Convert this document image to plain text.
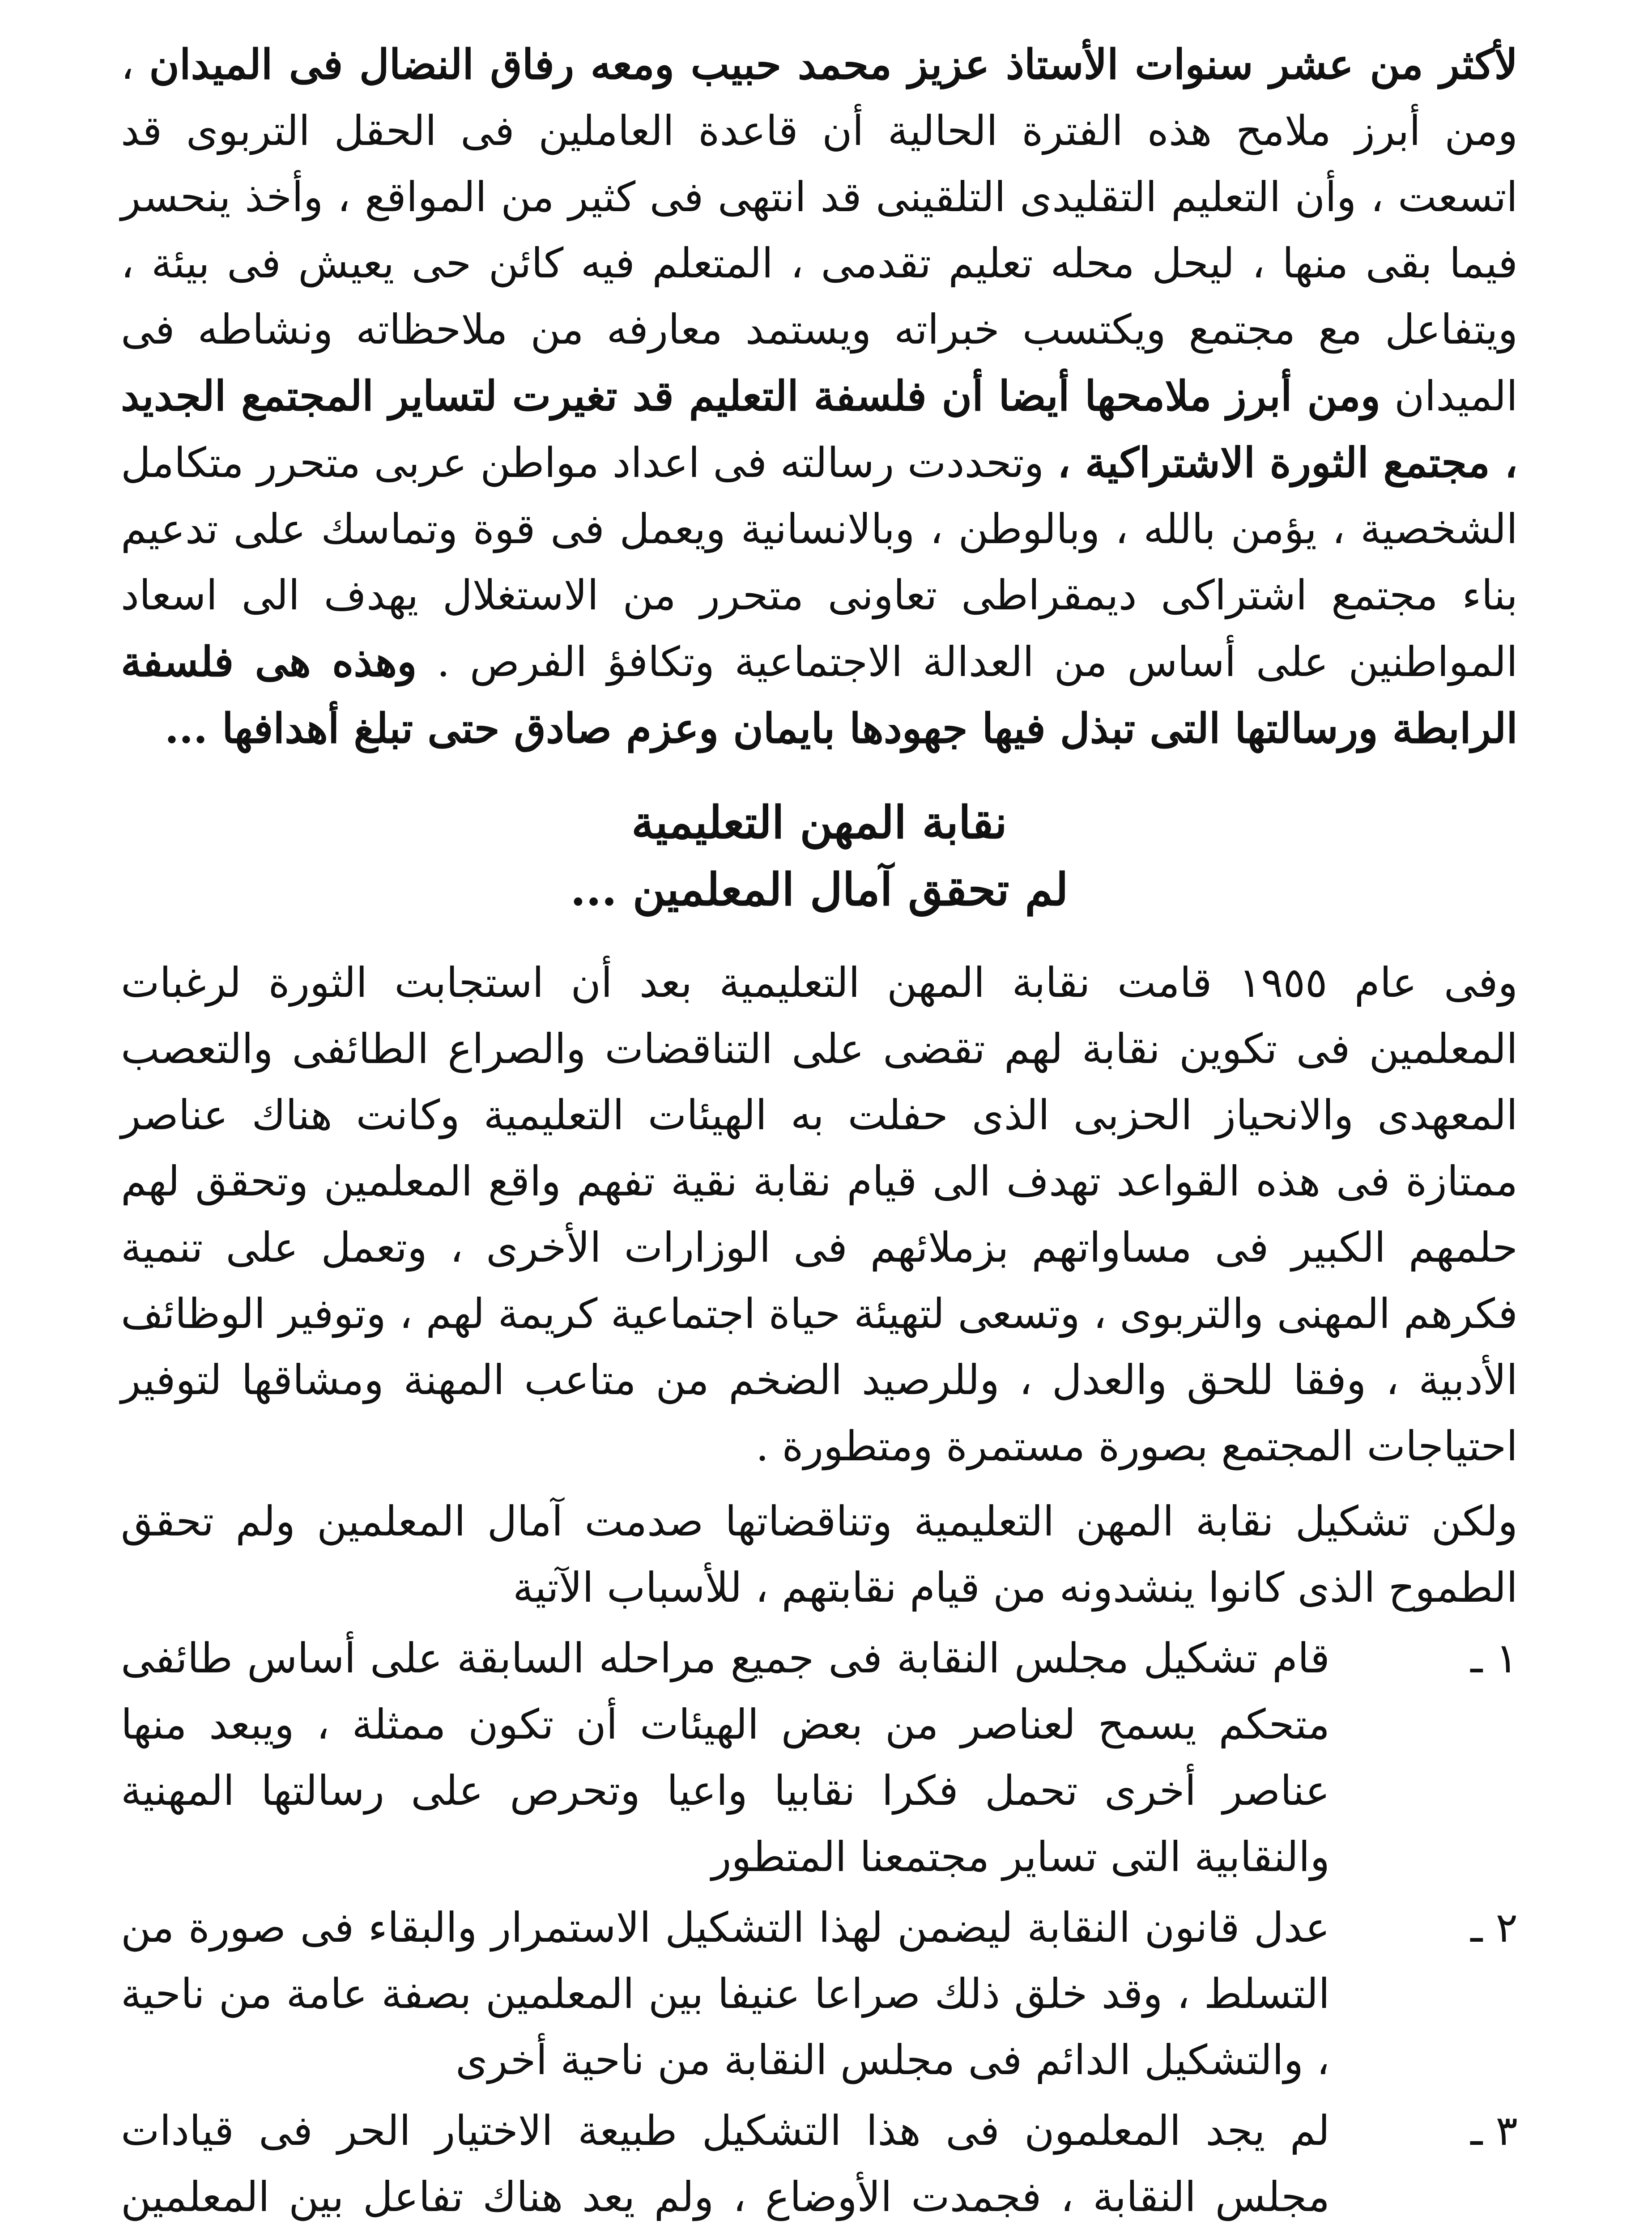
لأكثر من عشر سنوات الأستاذ عزيز محمد حبيب ومعه رفاق النضال فى الميدان ، ومن أبرز ملامح هذه الفترة الحالية أن قاعدة العاملين فى الحقل التربوى قد اتسعت ، وأن التعليم التقليدى التلقينى قد انتهى فى كثير من المواقع ، وأخذ ينحسر فيما بقى منها ، ليحل محله تعليم تقدمى ، المتعلم فيه كائن حى يعيش فى بيئة ، ويتفاعل مع مجتمع ويكتسب خبراته ويستمد معارفه من ملاحظاته ونشاطه فى الميدان ومن أبرز ملامحها أيضا أن فلسفة التعليم قد تغيرت لتساير المجتمع الجديد ، مجتمع الثورة الاشتراكية ، وتحددت رسالته فى اعداد مواطن عربى متحرر متكامل الشخصية ، يؤمن بالله ، وبالوطن ، وبالانسانية ويعمل فى قوة وتماسك على تدعيم بناء مجتمع اشتراكى ديمقراطى تعاونى متحرر من الاستغلال يهدف الى اسعاد المواطنين على أساس من العدالة الاجتماعية وتكافؤ الفرص . وهذه هى فلسفة الرابطة ورسالتها التى تبذل فيها جهودها بايمان وعزم صادق حتى تبلغ أهدافها ...

نقابة المهن التعليمية

لم تحقق آمال المعلمين ...

وفى عام ١٩٥٥ قامت نقابة المهن التعليمية بعد أن استجابت الثورة لرغبات المعلمين فى تكوين نقابة لهم تقضى على التناقضات والصراع الطائفى والتعصب المعهدى والانحياز الحزبى الذى حفلت به الهيئات التعليمية وكانت هناك عناصر ممتازة فى هذه القواعد تهدف الى قيام نقابة نقية تفهم واقع المعلمين وتحقق لهم حلمهم الكبير فى مساواتهم بزملائهم فى الوزارات الأخرى ، وتعمل على تنمية فكرهم المهنى والتربوى ، وتسعى لتهيئة حياة اجتماعية كريمة لهم ، وتوفير الوظائف الأدبية ، وفقا للحق والعدل ، وللرصيد الضخم من متاعب المهنة ومشاقها لتوفير احتياجات المجتمع بصورة مستمرة ومتطورة .

ولكن تشكيل نقابة المهن التعليمية وتناقضاتها صدمت آمال المعلمين ولم تحقق الطموح الذى كانوا ينشدونه من قيام نقابتهم ، للأسباب الآتية

١ ـ
قام تشكيل مجلس النقابة فى جميع مراحله السابقة على أساس طائفى متحكم يسمح لعناصر من بعض الهيئات أن تكون ممثلة ، ويبعد منها عناصر أخرى تحمل فكرا نقابيا واعيا وتحرص على رسالتها المهنية والنقابية التى تساير مجتمعنا المتطور
٢ ـ
عدل قانون النقابة ليضمن لهذا التشكيل الاستمرار والبقاء فى صورة من التسلط ، وقد خلق ذلك صراعا عنيفا بين المعلمين بصفة عامة من ناحية ، والتشكيل الدائم فى مجلس النقابة من ناحية أخرى
٣ ـ
لم يجد المعلمون فى هذا التشكيل طبيعة الاختيار الحر فى قيادات مجلس النقابة ، فجمدت الأوضاع ، ولم يعد هناك تفاعل بين المعلمين
